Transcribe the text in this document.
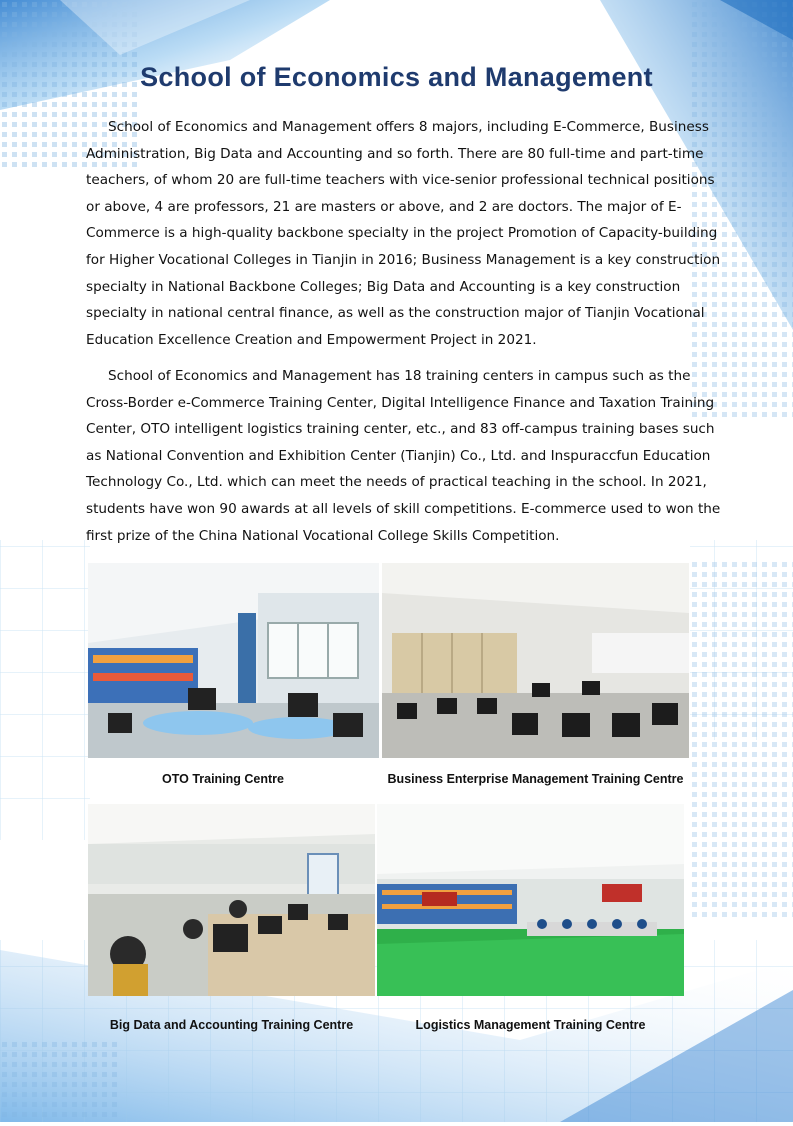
School of Economics and Management

School of Economics and Management offers 8 majors, including E-Commerce, Business Administration, Big Data and Accounting and so forth. There are 80 full-time and part-time teachers, of whom 20 are full-time teachers with vice-senior professional technical positions or above, 4 are professors, 21 are masters or above, and 2 are doctors. The major of E-Commerce is a high-quality backbone specialty in the project Promotion of Capacity-building for Higher Vocational Colleges in Tianjin in 2016; Business Management is a key construction specialty in National Backbone Colleges; Big Data and Accounting is a key construction specialty in national central finance, as well as the construction major of Tianjin Vocational Education Excellence Creation and Empowerment Project in 2021.

School of Economics and Management has 18 training centers in campus such as the Cross-Border e-Commerce Training Center, Digital Intelligence Finance and Taxation Training Center, OTO intelligent logistics training center, etc., and 83 off-campus training bases such as National Convention and Exhibition Center (Tianjin) Co., Ltd. and Inspuraccfun Education Technology Co., Ltd. which can meet the needs of practical teaching in the school. In 2021, students have won 90 awards at all levels of skill competitions. E-commerce used to won the first prize of the China National Vocational College Skills Competition.

OTO Training Centre	Business Enterprise Management Training Centre
Big Data and Accounting Training Centre	Logistics Management Training Centre
